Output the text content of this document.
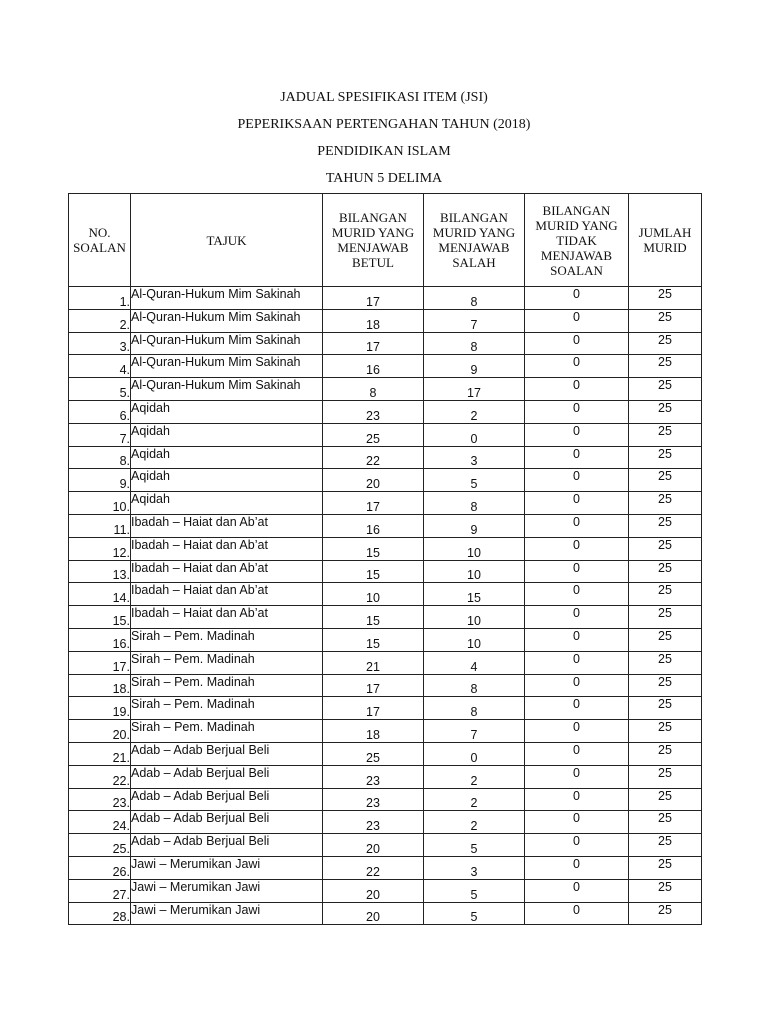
JADUAL SPESIFIKASI ITEM (JSI)
PEPERIKSAAN PERTENGAHAN TAHUN (2018)
PENDIDIKAN ISLAM
TAHUN 5 DELIMA
NO. SOALAN	TAJUK	BILANGAN MURID YANG MENJAWAB BETUL	BILANGAN MURID YANG MENJAWAB SALAH	BILANGAN MURID YANG TIDAK MENJAWAB SOALAN	JUMLAH MURID
1.	Al-Quran-Hukum Mim Sakinah	17	8	0	25
2.	Al-Quran-Hukum Mim Sakinah	18	7	0	25
3.	Al-Quran-Hukum Mim Sakinah	17	8	0	25
4.	Al-Quran-Hukum Mim Sakinah	16	9	0	25
5.	Al-Quran-Hukum Mim Sakinah	8	17	0	25
6.	Aqidah	23	2	0	25
7.	Aqidah	25	0	0	25
8.	Aqidah	22	3	0	25
9.	Aqidah	20	5	0	25
10.	Aqidah	17	8	0	25
11.	Ibadah – Haiat dan Ab’at	16	9	0	25
12.	Ibadah – Haiat dan Ab’at	15	10	0	25
13.	Ibadah – Haiat dan Ab’at	15	10	0	25
14.	Ibadah – Haiat dan Ab’at	10	15	0	25
15.	Ibadah – Haiat dan Ab’at	15	10	0	25
16.	Sirah – Pem. Madinah	15	10	0	25
17.	Sirah – Pem. Madinah	21	4	0	25
18.	Sirah – Pem. Madinah	17	8	0	25
19.	Sirah – Pem. Madinah	17	8	0	25
20.	Sirah – Pem. Madinah	18	7	0	25
21.	Adab – Adab Berjual Beli	25	0	0	25
22.	Adab – Adab Berjual Beli	23	2	0	25
23.	Adab – Adab Berjual Beli	23	2	0	25
24.	Adab – Adab Berjual Beli	23	2	0	25
25.	Adab – Adab Berjual Beli	20	5	0	25
26.	Jawi – Merumikan Jawi	22	3	0	25
27.	Jawi – Merumikan Jawi	20	5	0	25
28.	Jawi – Merumikan Jawi	20	5	0	25
